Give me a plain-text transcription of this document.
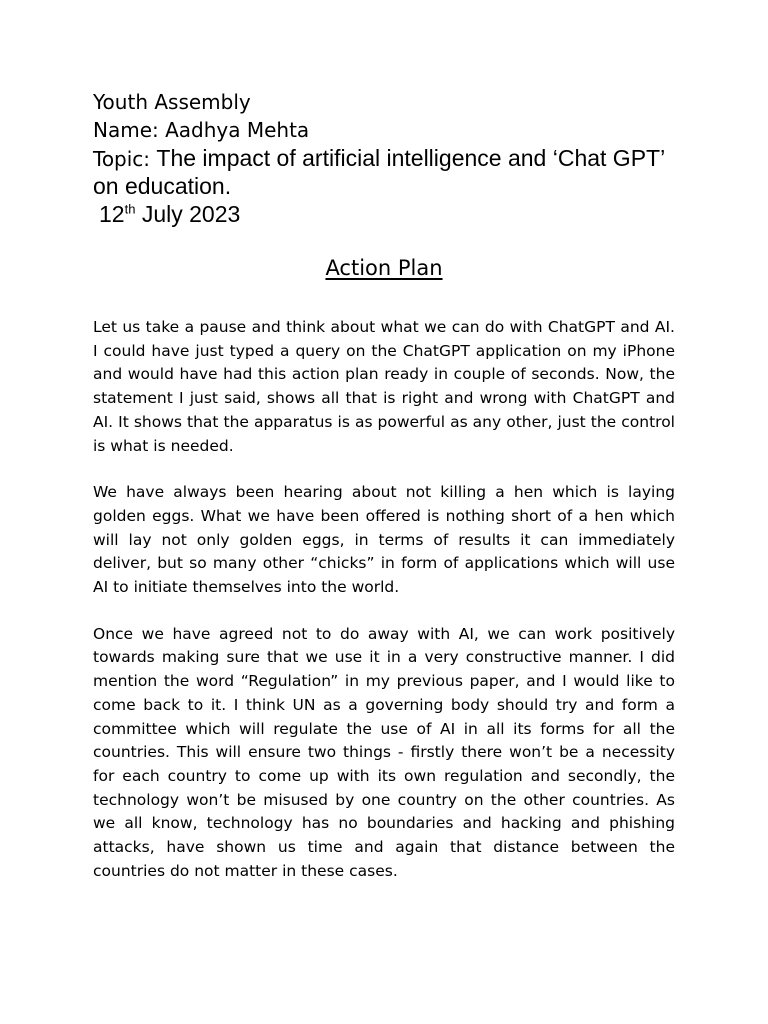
Youth Assembly
Name: Aadhya Mehta
Topic: The impact of artificial intelligence and ‘Chat GPT’ on education.
12th July 2023
Action Plan

Let us take a pause and think about what we can do with ChatGPT and AI. I could have just typed a query on the ChatGPT application on my iPhone and would have had this action plan ready in couple of seconds. Now, the statement I just said, shows all that is right and wrong with ChatGPT and AI. It shows that the apparatus is as powerful as any other, just the control is what is needed.

We have always been hearing about not killing a hen which is laying golden eggs. What we have been offered is nothing short of a hen which will lay not only golden eggs, in terms of results it can immediately deliver, but so many other “chicks” in form of applications which will use AI to initiate themselves into the world.

Once we have agreed not to do away with AI, we can work positively towards making sure that we use it in a very constructive manner. I did mention the word “Regulation” in my previous paper, and I would like to come back to it. I think UN as a governing body should try and form a committee which will regulate the use of AI in all its forms for all the countries. This will ensure two things - firstly there won’t be a necessity for each country to come up with its own regulation and secondly, the technology won’t be misused by one country on the other countries. As we all know, technology has no boundaries and hacking and phishing attacks, have shown us time and again that distance between the countries do not matter in these cases.
